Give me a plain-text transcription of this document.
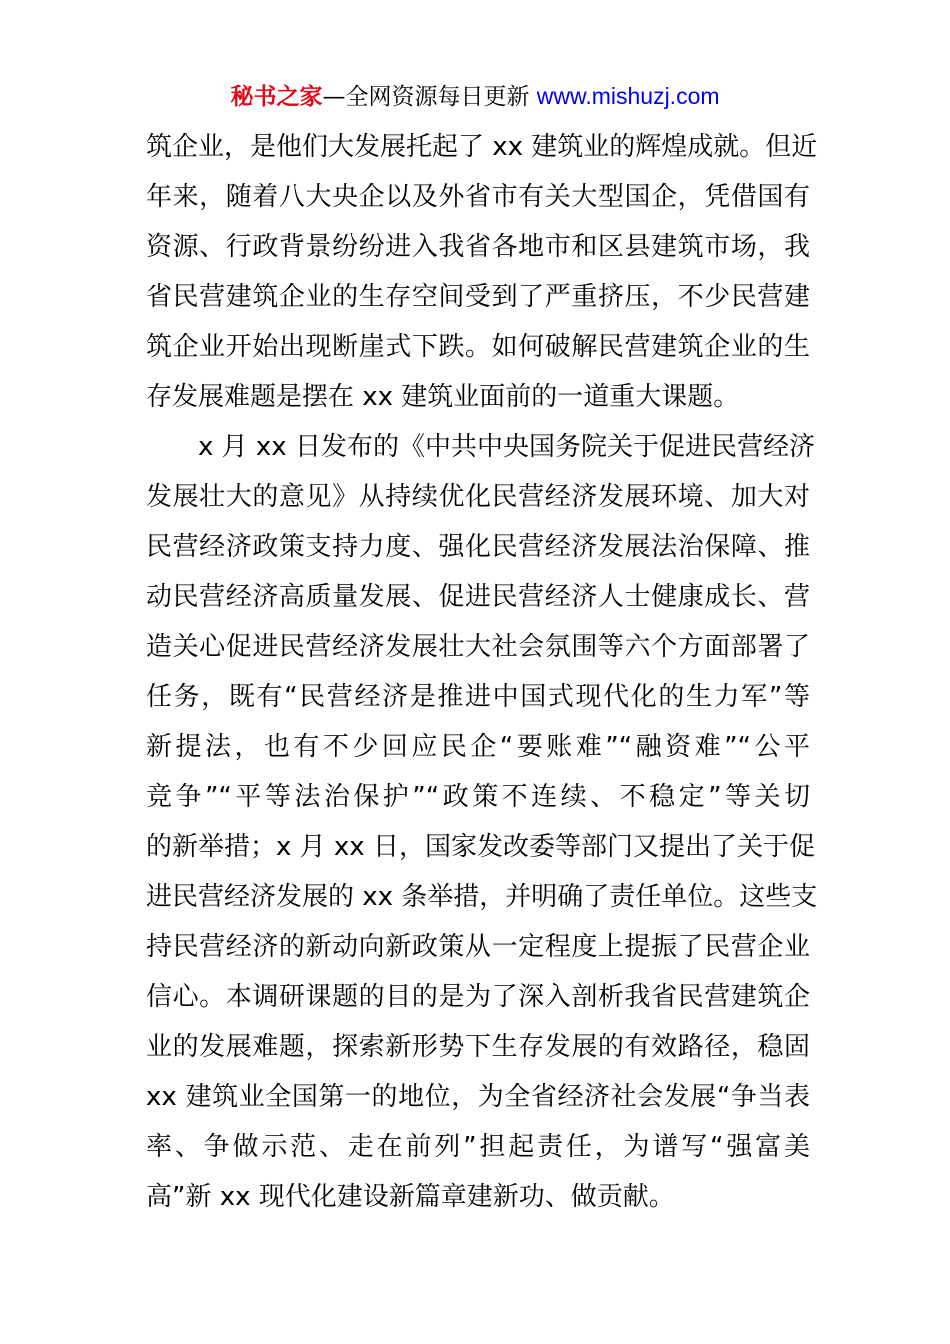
秘书之家—全网资源每日更新 www.mishuzj.com
筑企业，是他们大发展托起了 xx 建筑业的辉煌成就。但近
年来，随着八大央企以及外省市有关大型国企，凭借国有
资源、行政背景纷纷进入我省各地市和区县建筑市场，我
省民营建筑企业的生存空间受到了严重挤压，不少民营建
筑企业开始出现断崖式下跌。如何破解民营建筑企业的生
存发展难题是摆在 xx 建筑业面前的一道重大课题。
x 月 xx 日发布的《中共中央国务院关于促进民营经济
发展壮大的意见》从持续优化民营经济发展环境、加大对
民营经济政策支持力度、强化民营经济发展法治保障、推
动民营经济高质量发展、促进民营经济人士健康成长、营
造关心促进民营经济发展壮大社会氛围等六个方面部署了
任务，既有“民营经济是推进中国式现代化的生力军”等
新提法，也有不少回应民企“要账难”“融资难”“公平
竞争”“平等法治保护”“政策不连续、不稳定”等关切
的新举措；x 月 xx 日，国家发改委等部门又提出了关于促
进民营经济发展的 xx 条举措，并明确了责任单位。这些支
持民营经济的新动向新政策从一定程度上提振了民营企业
信心。本调研课题的目的是为了深入剖析我省民营建筑企
业的发展难题，探索新形势下生存发展的有效路径，稳固
xx 建筑业全国第一的地位，为全省经济社会发展“争当表
率、争做示范、走在前列”担起责任，为谱写“强富美
高”新 xx 现代化建设新篇章建新功、做贡献。
